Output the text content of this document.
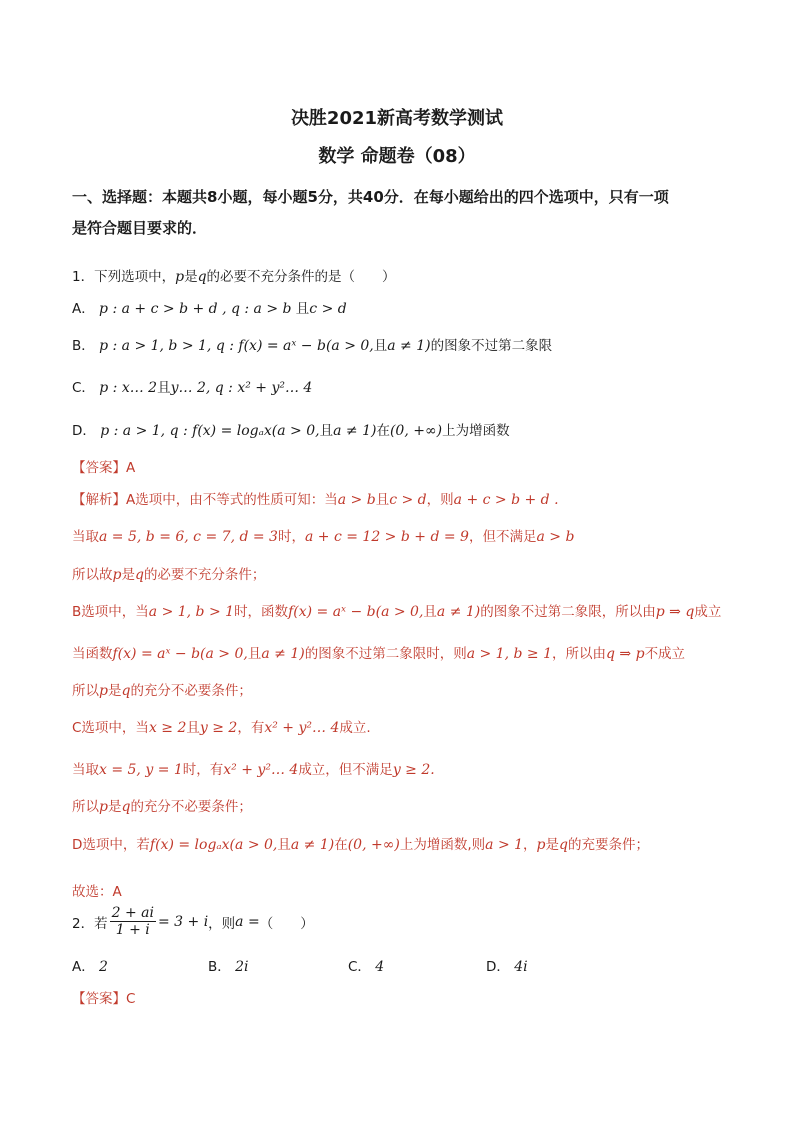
决胜2021新高考数学测试
数学 命题卷（08）
一、选择题：本题共8小题，每小题5分，共40分．在每小题给出的四个选项中，只有一项
是符合题目要求的．
1．下列选项中，p是q的必要不充分条件的是（　　）
A． p : a + c > b + d , q : a > b 且c > d
B． p : a > 1, b > 1, q : f(x) = aˣ − b(a > 0,且a ≠ 1)的图象不过第二象限
C． p : x… 2且y… 2, q : x² + y²… 4
D． p : a > 1, q : f(x) = logₐx(a > 0,且a ≠ 1)在(0, +∞)上为增函数
【答案】A
【解析】A选项中，由不等式的性质可知：当a > b且c > d，则a + c > b + d .
当取a = 5, b = 6, c = 7, d = 3时，a + c = 12 > b + d = 9，但不满足a > b
所以故p是q的必要不充分条件；
B选项中，当a > 1, b > 1时，函数f(x) = aˣ − b(a > 0,且a ≠ 1)的图象不过第二象限，所以由p ⇒ q成立
当函数f(x) = aˣ − b(a > 0,且a ≠ 1)的图象不过第二象限时，则a > 1, b ≥ 1，所以由q ⇒ p不成立
所以p是q的充分不必要条件；
C选项中，当x ≥ 2且y ≥ 2，有x² + y²… 4成立.
当取x = 5, y = 1时，有x² + y²… 4成立，但不满足y ≥ 2.
所以p是q的充分不必要条件；
D选项中，若f(x) = logₐx(a > 0,且a ≠ 1)在(0, +∞)上为增函数,则a > 1，p是q的充要条件；
故选：A
2．若 $\frac{2 + ai}{1 + i} = 3 + i$ ，则 a = （　　）
A． 2	B． 2i	C． 4	D． 4i
【答案】C
